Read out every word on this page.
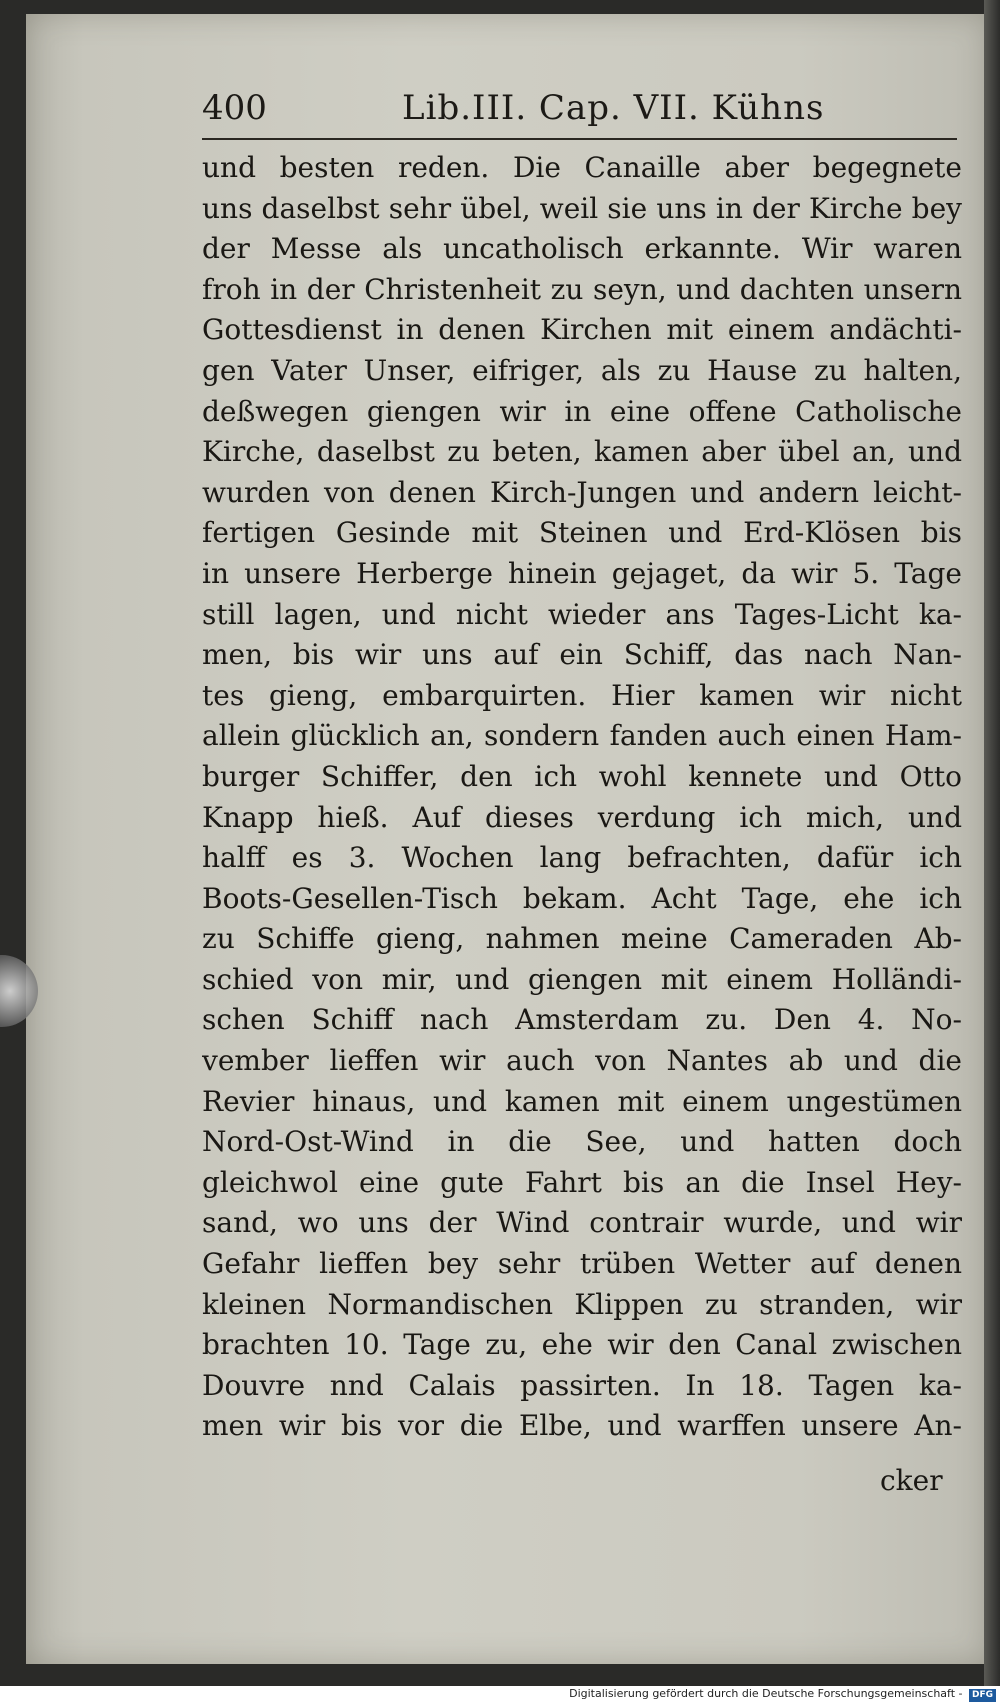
400	Lib.III. Cap. VII. Kühns
und besten reden. Die Canaille aber begegnete
uns daselbst sehr übel, weil sie uns in der Kirche bey
der Messe als uncatholisch erkannte. Wir waren
froh in der Christenheit zu seyn, und dachten unsern
Gottesdienst in denen Kirchen mit einem andächti-
gen Vater Unser, eifriger, als zu Hause zu halten,
deßwegen giengen wir in eine offene Catholische
Kirche, daselbst zu beten, kamen aber übel an, und
wurden von denen Kirch-Jungen und andern leicht-
fertigen Gesinde mit Steinen und Erd-Klösen bis
in unsere Herberge hinein gejaget, da wir 5. Tage
still lagen, und nicht wieder ans Tages-Licht ka-
men, bis wir uns auf ein Schiff, das nach Nan-
tes gieng, embarquirten. Hier kamen wir nicht
allein glücklich an, sondern fanden auch einen Ham-
burger Schiffer, den ich wohl kennete und Otto
Knapp hieß. Auf dieses verdung ich mich, und
halff es 3. Wochen lang befrachten, dafür ich
Boots-Gesellen-Tisch bekam. Acht Tage, ehe ich
zu Schiffe gieng, nahmen meine Cameraden Ab-
schied von mir, und giengen mit einem Holländi-
schen Schiff nach Amsterdam zu. Den 4. No-
vember lieffen wir auch von Nantes ab und die
Revier hinaus, und kamen mit einem ungestümen
Nord-Ost-Wind in die See, und hatten doch
gleichwol eine gute Fahrt bis an die Insel Hey-
sand, wo uns der Wind contrair wurde, und wir
Gefahr lieffen bey sehr trüben Wetter auf denen
kleinen Normandischen Klippen zu stranden, wir
brachten 10. Tage zu, ehe wir den Canal zwischen
Douvre nnd Calais passirten. In 18. Tagen ka-
men wir bis vor die Elbe, und warffen unsere An-
cker
Digitalisierung gefördert durch die Deutsche Forschungsgemeinschaft - DFG
